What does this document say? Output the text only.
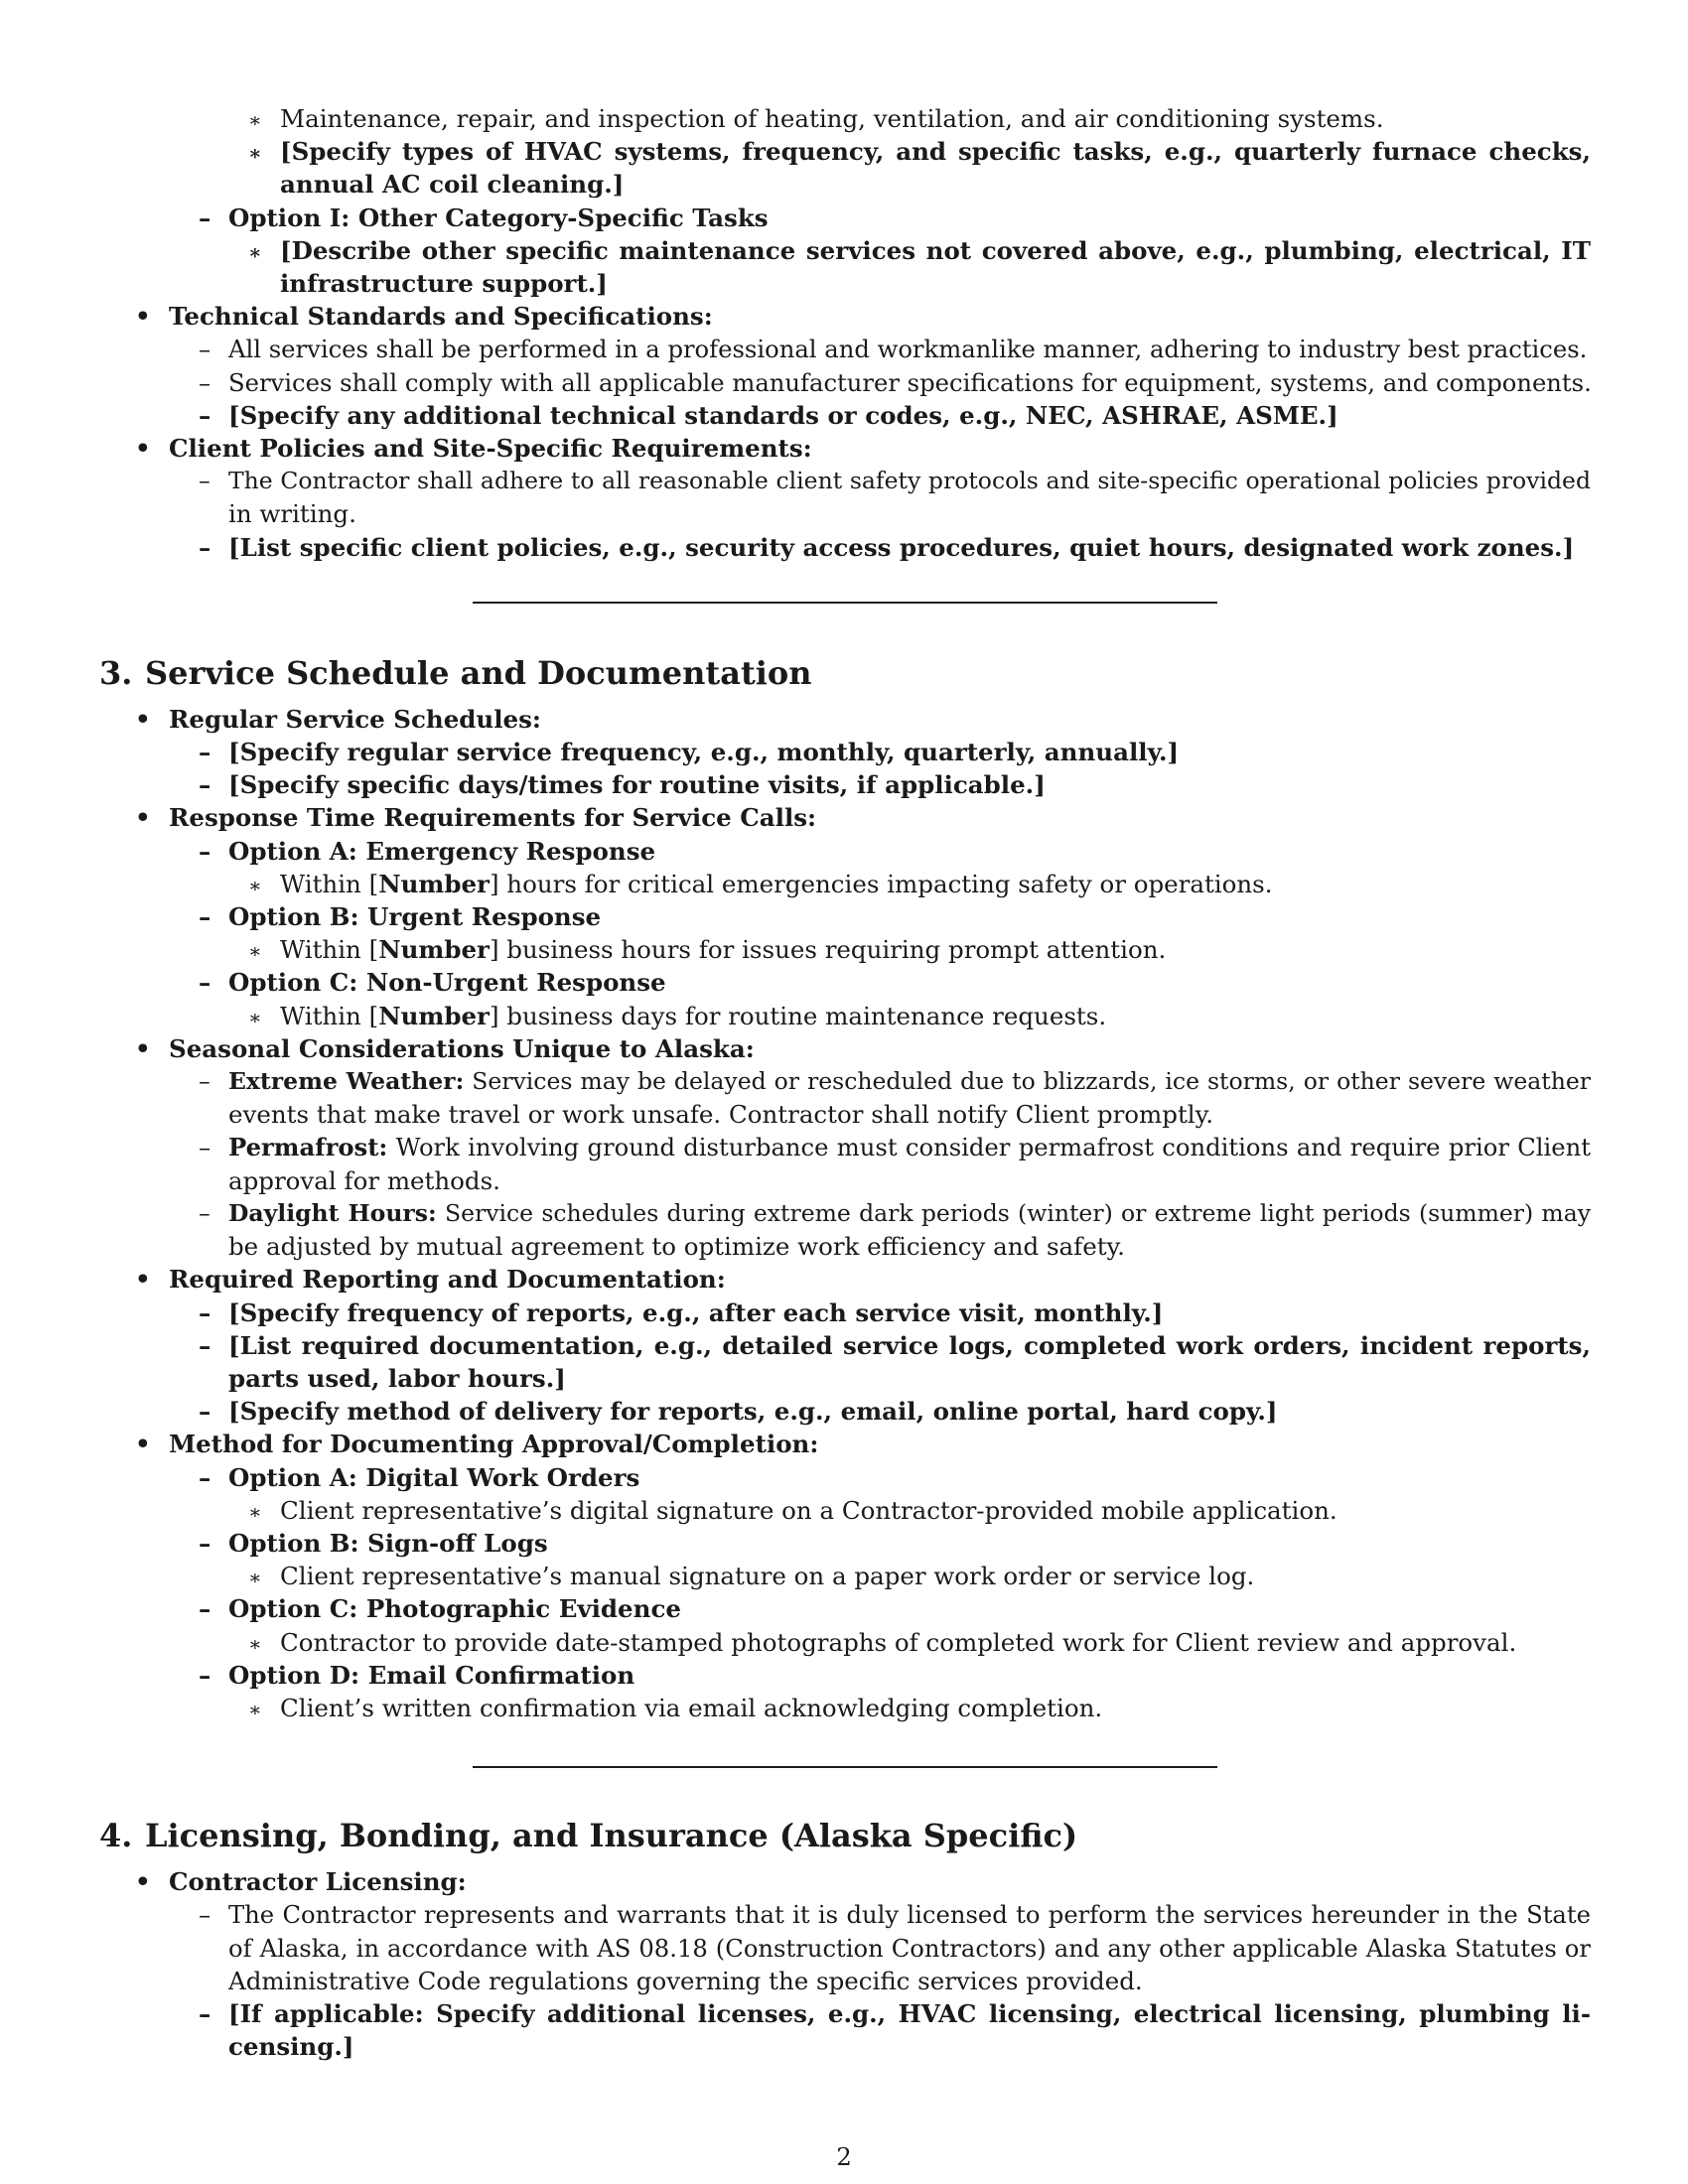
∗ Maintenance, repair, and inspection of heating, ventilation, and air conditioning systems.
∗ [Specify types of HVAC systems, frequency, and specific tasks, e.g., quarterly furnace checks,
annual AC coil cleaning.]
– Option I: Other Category-Specific Tasks
∗ [Describe other specific maintenance services not covered above, e.g., plumbing, electrical, IT
infrastructure support.]
• Technical Standards and Specifications:
– All services shall be performed in a professional and workmanlike manner, adhering to industry best practices.
– Services shall comply with all applicable manufacturer specifications for equipment, systems, and components.
– [Specify any additional technical standards or codes, e.g., NEC, ASHRAE, ASME.]
• Client Policies and Site-Specific Requirements:
– The Contractor shall adhere to all reasonable client safety protocols and site-specific operational policies provided
in writing.
– [List specific client policies, e.g., security access procedures, quiet hours, designated work zones.]
3. Service Schedule and Documentation
• Regular Service Schedules:
– [Specify regular service frequency, e.g., monthly, quarterly, annually.]
– [Specify specific days/times for routine visits, if applicable.]
• Response Time Requirements for Service Calls:
– Option A: Emergency Response
∗ Within [Number] hours for critical emergencies impacting safety or operations.
– Option B: Urgent Response
∗ Within [Number] business hours for issues requiring prompt attention.
– Option C: Non-Urgent Response
∗ Within [Number] business days for routine maintenance requests.
• Seasonal Considerations Unique to Alaska:
– Extreme Weather: Services may be delayed or rescheduled due to blizzards, ice storms, or other severe weather
events that make travel or work unsafe. Contractor shall notify Client promptly.
– Permafrost: Work involving ground disturbance must consider permafrost conditions and require prior Client
approval for methods.
– Daylight Hours: Service schedules during extreme dark periods (winter) or extreme light periods (summer) may
be adjusted by mutual agreement to optimize work efficiency and safety.
• Required Reporting and Documentation:
– [Specify frequency of reports, e.g., after each service visit, monthly.]
– [List required documentation, e.g., detailed service logs, completed work orders, incident reports,
parts used, labor hours.]
– [Specify method of delivery for reports, e.g., email, online portal, hard copy.]
• Method for Documenting Approval/Completion:
– Option A: Digital Work Orders
∗ Client representative’s digital signature on a Contractor-provided mobile application.
– Option B: Sign-off Logs
∗ Client representative’s manual signature on a paper work order or service log.
– Option C: Photographic Evidence
∗ Contractor to provide date-stamped photographs of completed work for Client review and approval.
– Option D: Email Confirmation
∗ Client’s written confirmation via email acknowledging completion.
4. Licensing, Bonding, and Insurance (Alaska Specific)
• Contractor Licensing:
– The Contractor represents and warrants that it is duly licensed to perform the services hereunder in the State
of Alaska, in accordance with AS 08.18 (Construction Contractors) and any other applicable Alaska Statutes or
Administrative Code regulations governing the specific services provided.
– [If applicable: Specify additional licenses, e.g., HVAC licensing, electrical licensing, plumbing li-
censing.]
2
